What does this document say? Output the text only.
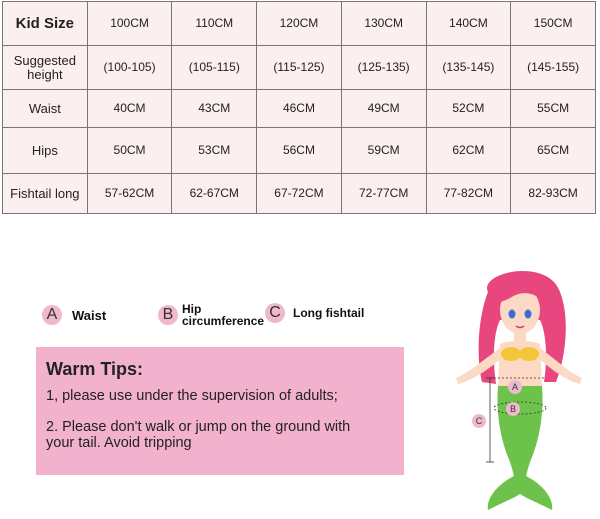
Kid Size	100CM	110CM	120CM	130CM	140CM	150CM
Suggested height	(100-105)	(105-115)	(115-125)	(125-135)	(135-145)	(145-155)
Waist	40CM	43CM	46CM	49CM	52CM	55CM
Hips	50CM	53CM	56CM	59CM	62CM	65CM
Fishtail long	57-62CM	62-67CM	67-72CM	72-77CM	77-82CM	82-93CM
A	Waist	B Hip circumference C	Long fishtail
Warm Tips:
1, please use under the supervision of adults;
2. Please don't walk or jump on the ground with
your tail. Avoid tripping
A
B
C
